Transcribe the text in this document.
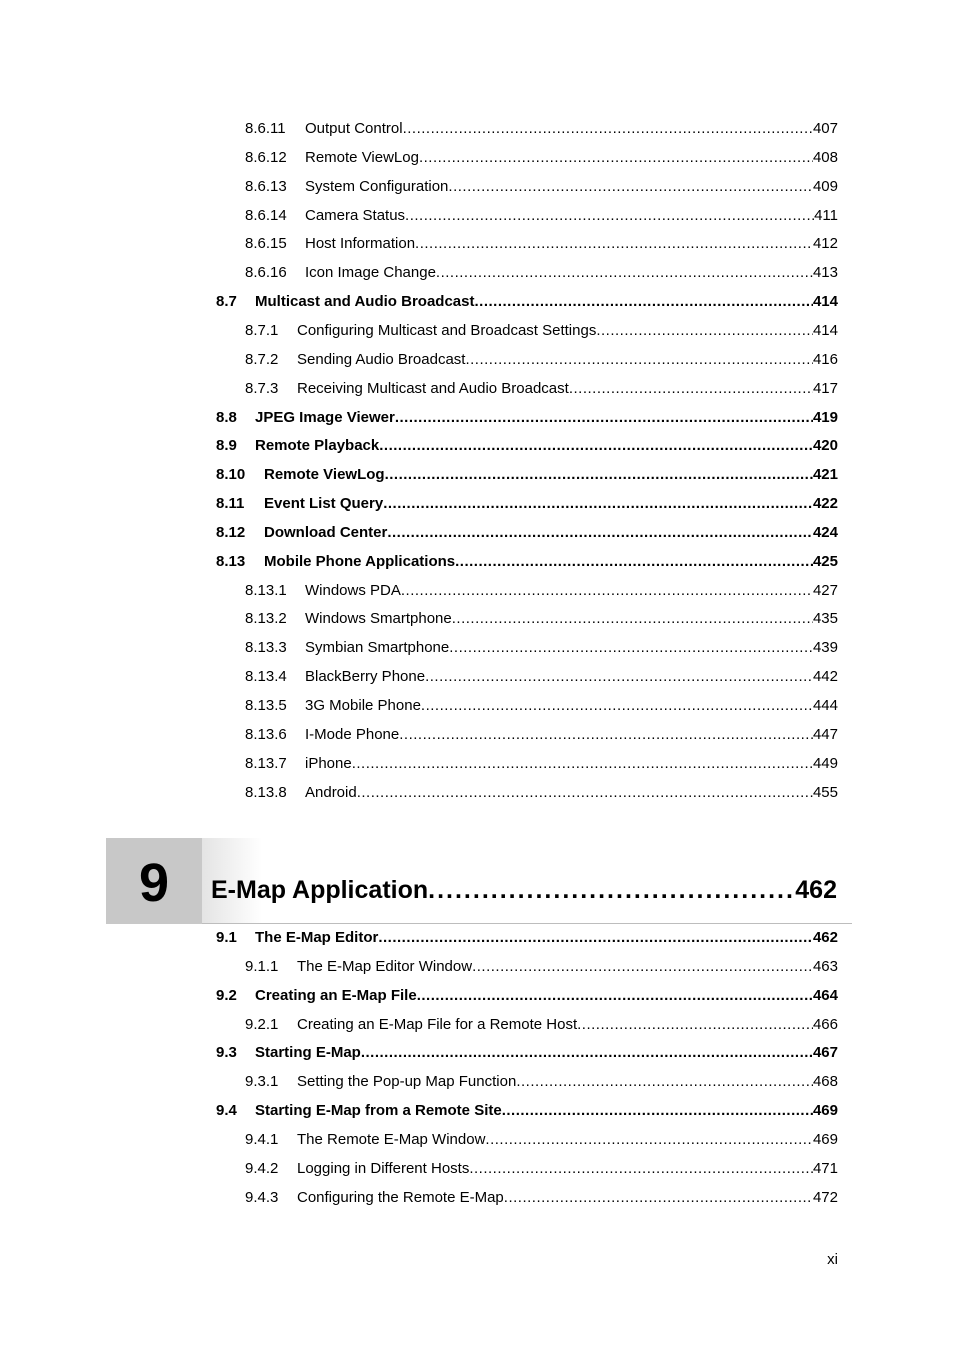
8.6.11	Output Control .....	407
8.6.12	Remote ViewLog .....	408
8.6.13	System Configuration .....	409
8.6.14	Camera Status .....	411
8.6.15	Host Information .....	412
8.6.16	Icon Image Change .....	413
8.7	Multicast and Audio Broadcast .....	414
8.7.1	Configuring Multicast and Broadcast Settings .....	414
8.7.2	Sending Audio Broadcast .....	416
8.7.3	Receiving Multicast and Audio Broadcast .....	417
8.8	JPEG Image Viewer .....	419
8.9	Remote Playback .....	420
8.10	Remote ViewLog .....	421
8.11	Event List Query .....	422
8.12	Download Center .....	424
8.13	Mobile Phone Applications .....	425
8.13.1	Windows PDA .....	427
8.13.2	Windows Smartphone .....	435
8.13.3	Symbian Smartphone .....	439
8.13.4	BlackBerry Phone .....	442
8.13.5	3G Mobile Phone .....	444
8.13.6	I-Mode Phone .....	447
8.13.7	iPhone .....	449
8.13.8	Android .....	455
9	E-Map Application .....	462
9.1	The E-Map Editor .....	462
9.1.1	The E-Map Editor Window .....	463
9.2	Creating an E-Map File .....	464
9.2.1	Creating an E-Map File for a Remote Host .....	466
9.3	Starting E-Map .....	467
9.3.1	Setting the Pop-up Map Function .....	468
9.4	Starting E-Map from a Remote Site .....	469
9.4.1	The Remote E-Map Window .....	469
9.4.2	Logging in Different Hosts .....	471
9.4.3	Configuring the Remote E-Map .....	472
xi
